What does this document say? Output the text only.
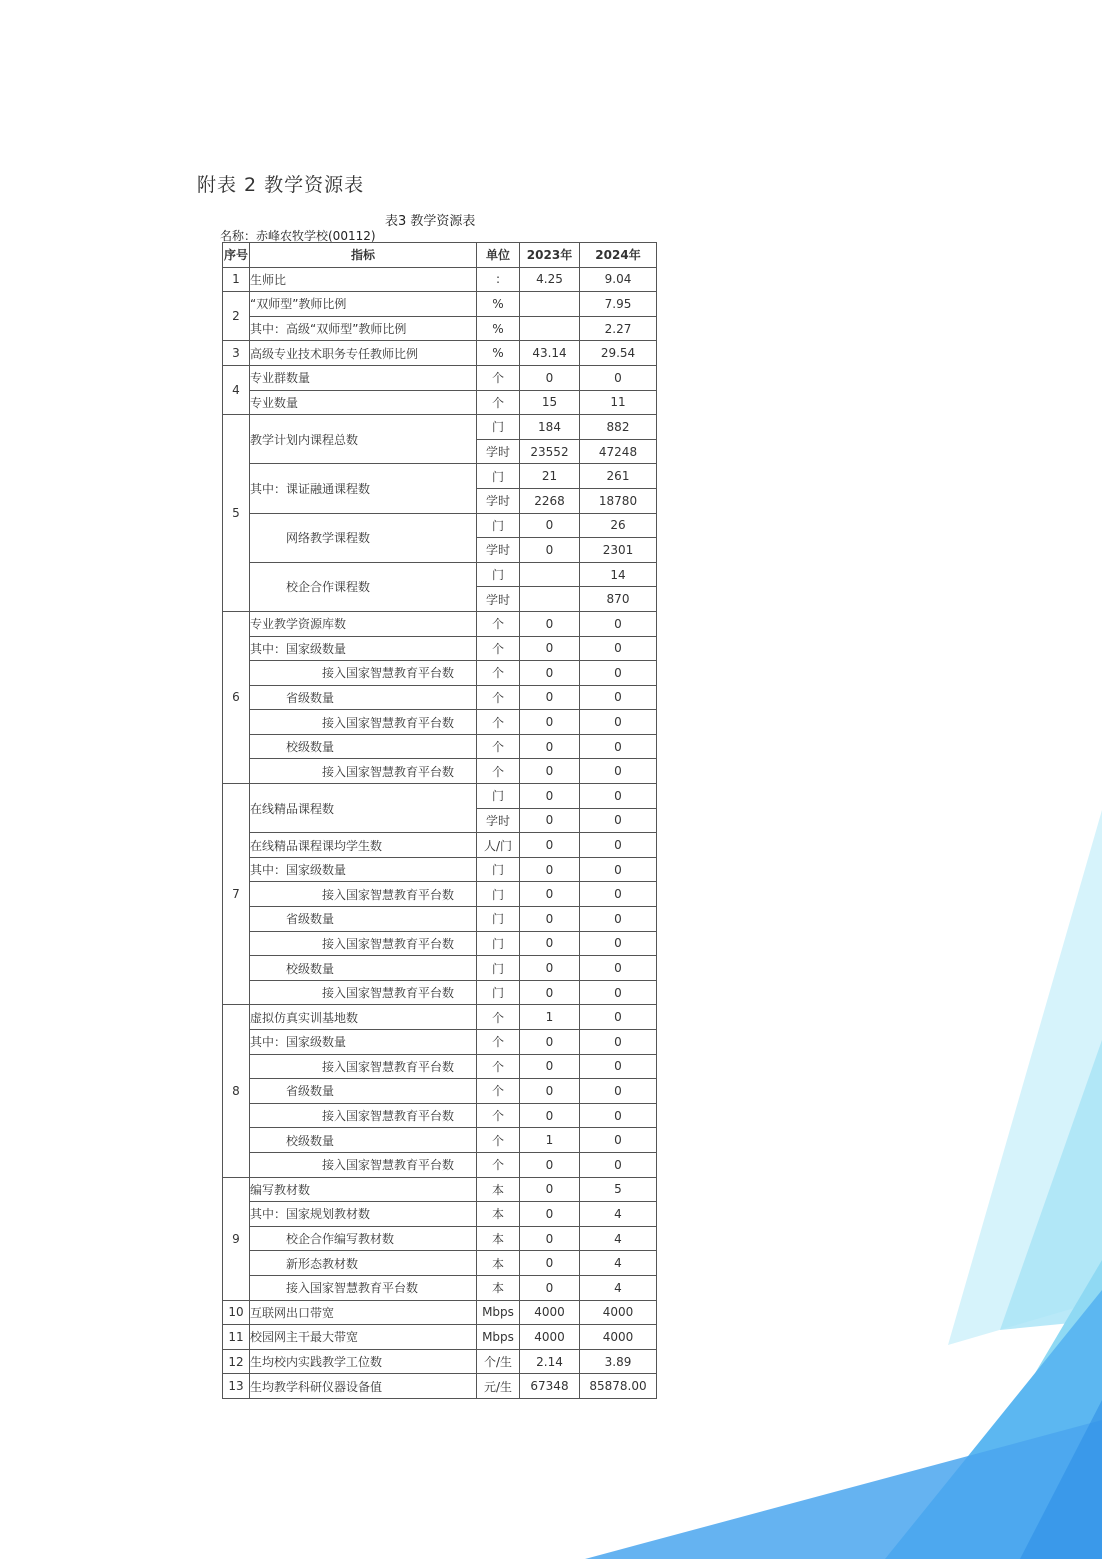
附表 2 教学资源表
表3 教学资源表
名称：赤峰农牧学校(00112)
序号	指标	单位	2023年	2024年
1	生师比	:	4.25	9.04
2	“双师型”教师比例	%		7.95
	其中：高级“双师型”教师比例	%		2.27
3	高级专业技术职务专任教师比例	%	43.14	29.54
4	专业群数量	个	0	0
	专业数量	个	15	11
5	教学计划内课程总数	门	184	882
		学时	23552	47248
	其中：课证融通课程数	门	21	261
		学时	2268	18780
	网络教学课程数	门	0	26
		学时	0	2301
	校企合作课程数	门		14
		学时		870
6	专业教学资源库数	个	0	0
	其中：国家级数量	个	0	0
	接入国家智慧教育平台数	个	0	0
	省级数量	个	0	0
	接入国家智慧教育平台数	个	0	0
	校级数量	个	0	0
	接入国家智慧教育平台数	个	0	0
7	在线精品课程数	门	0	0
		学时	0	0
	在线精品课程课均学生数	人/门	0	0
	其中：国家级数量	门	0	0
	接入国家智慧教育平台数	门	0	0
	省级数量	门	0	0
	接入国家智慧教育平台数	门	0	0
	校级数量	门	0	0
	接入国家智慧教育平台数	门	0	0
8	虚拟仿真实训基地数	个	1	0
	其中：国家级数量	个	0	0
	接入国家智慧教育平台数	个	0	0
	省级数量	个	0	0
	接入国家智慧教育平台数	个	0	0
	校级数量	个	1	0
	接入国家智慧教育平台数	个	0	0
9	编写教材数	本	0	5
	其中：国家规划教材数	本	0	4
	校企合作编写教材数	本	0	4
	新形态教材数	本	0	4
	接入国家智慧教育平台数	本	0	4
10	互联网出口带宽	Mbps	4000	4000
11	校园网主干最大带宽	Mbps	4000	4000
12	生均校内实践教学工位数	个/生	2.14	3.89
13	生均教学科研仪器设备值	元/生	67348	85878.00
